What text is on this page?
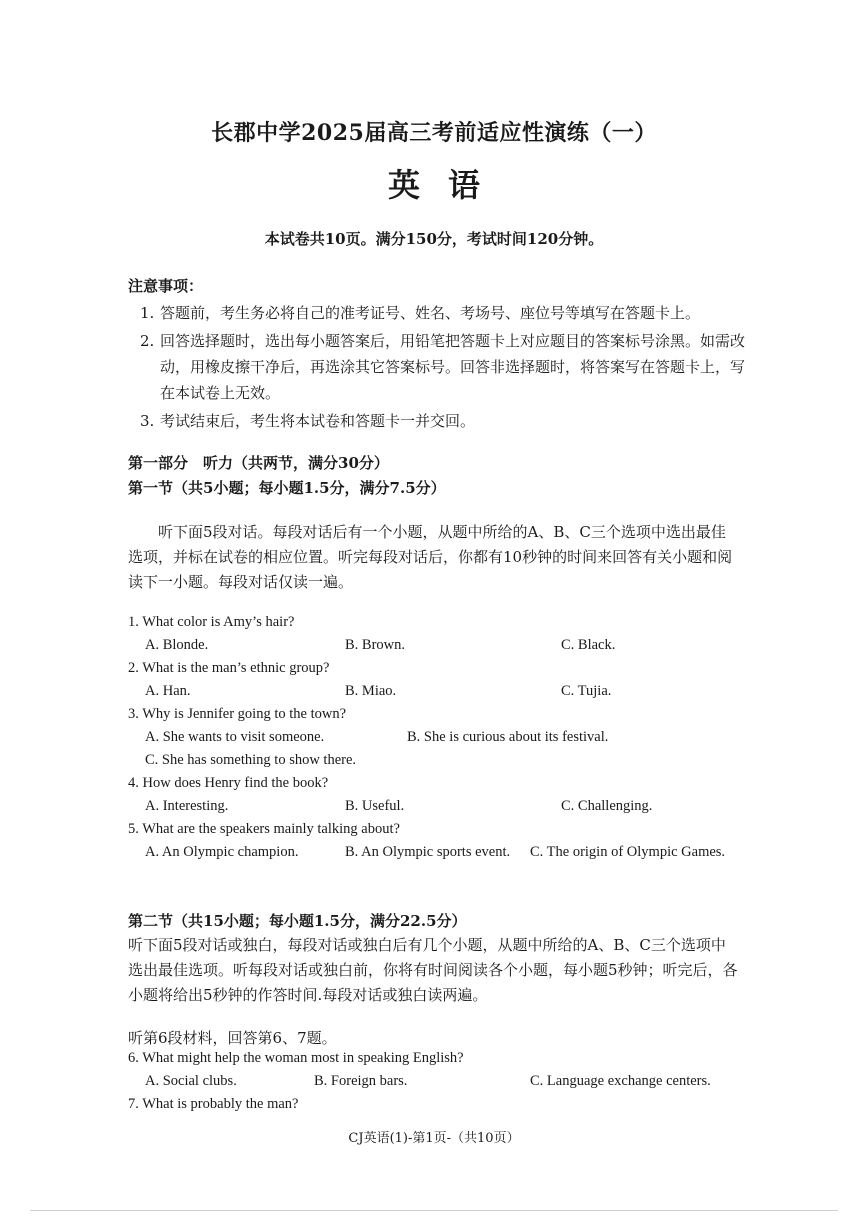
长郡中学2025届高三考前适应性演练（一）
英语
本试卷共10页。满分150分，考试时间120分钟。
注意事项：
1. 答题前，考生务必将自己的准考证号、姓名、考场号、座位号等填写在答题卡上。
2. 回答选择题时，选出每小题答案后，用铅笔把答题卡上对应题目的答案标号涂黑。如需改动，用橡皮擦干净后，再选涂其它答案标号。回答非选择题时，将答案写在答题卡上，写在本试卷上无效。
3. 考试结束后，考生将本试卷和答题卡一并交回。
第一部分　听力（共两节，满分30分）
第一节（共5小题；每小题1.5分，满分7.5分）
听下面5段对话。每段对话后有一个小题，从题中所给的A、B、C三个选项中选出最佳选项，并标在试卷的相应位置。听完每段对话后，你都有10秒钟的时间来回答有关小题和阅读下一小题。每段对话仅读一遍。
1. What color is Amy’s hair?
A. Blonde.	B. Brown.	C. Black.
2. What is the man’s ethnic group?
A. Han.	B. Miao.	C. Tujia.
3. Why is Jennifer going to the town?
A. She wants to visit someone.	B. She is curious about its festival.
C. She has something to show there.
4. How does Henry find the book?
A. Interesting.	B. Useful.	C. Challenging.
5. What are the speakers mainly talking about?
A. An Olympic champion.	B. An Olympic sports event. C. The origin of Olympic Games.
第二节（共15小题；每小题1.5分，满分22.5分）
听下面5段对话或独白，每段对话或独白后有几个小题，从题中所给的A、B、C三个选项中选出最佳选项。听每段对话或独白前，你将有时间阅读各个小题，每小题5秒钟；听完后，各小题将给出5秒钟的作答时间.每段对话或独白读两遍。
听第6段材料，回答第6、7题。
6. What might help the woman most in speaking English?
A. Social clubs.	B. Foreign bars.	C. Language exchange centers.
7. What is probably the man?
CJ英语(1)-第1页-（共10页）
